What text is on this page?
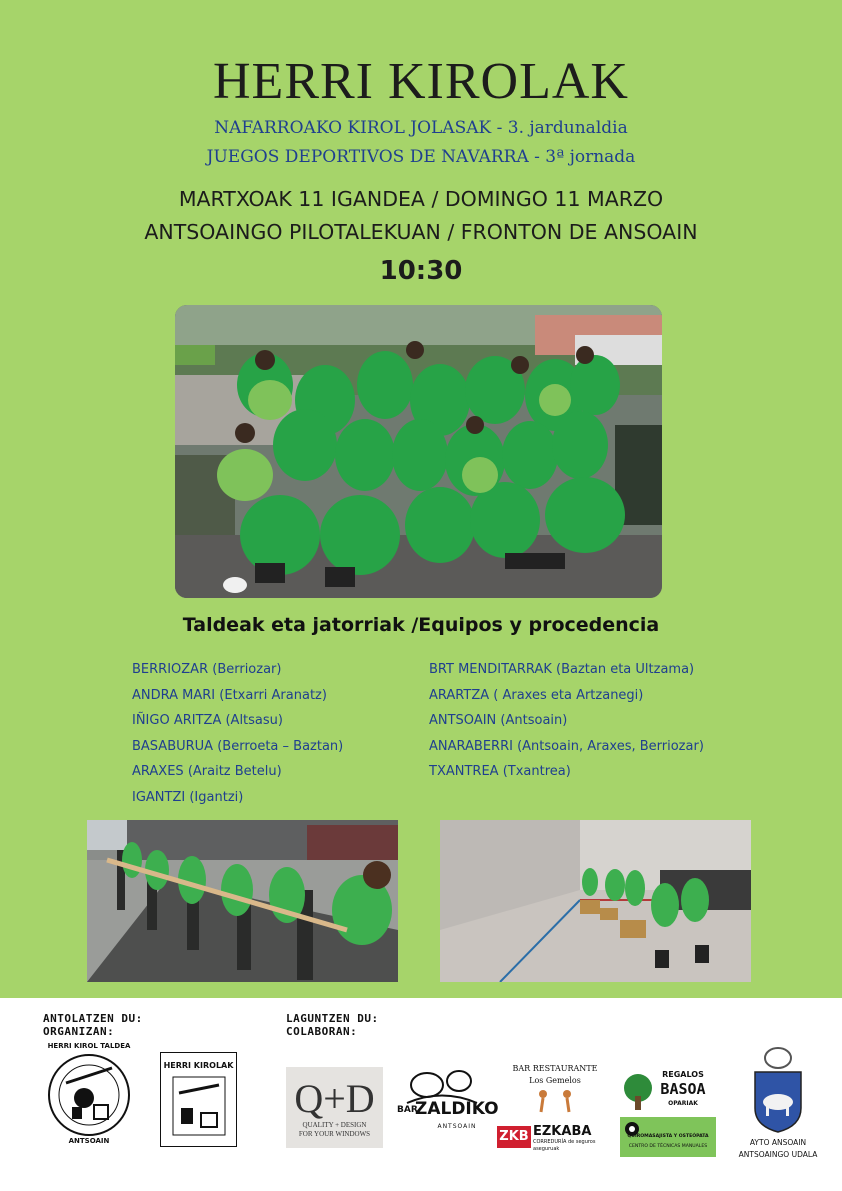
HERRI KIROLAK
NAFARROAKO KIROL JOLASAK - 3. jardunaldia
JUEGOS DEPORTIVOS DE NAVARRA - 3ª jornada
MARTXOAK 11 IGANDEA / DOMINGO 11 MARZO
ANTSOAINGO PILOTALEKUAN / FRONTON DE ANSOAIN
10:30
Taldeak eta jatorriak /Equipos y procedencia
BERRIOZAR (Berriozar)
ANDRA MARI (Etxarri Aranatz)
IÑIGO ARITZA (Altsasu)
BASABURUA (Berroeta – Baztan)
ARAXES (Araitz Betelu)
IGANTZI (Igantzi)
BRT MENDITARRAK (Baztan eta Ultzama)
ARARTZA ( Araxes eta Artzanegi)
ANTSOAIN (Antsoain)
ANARABERRI (Antsoain, Araxes, Berriozar)
TXANTREA (Txantrea)
ANTOLATZEN DU:
ORGANIZAN:
LAGUNTZEN DU:
COLABORAN:
HERRI KIROL TALDEA
ANTSOAIN
HERRI KIROLAK
Q+D
QUALITY + DESIGN
FOR YOUR WINDOWS
BAR
ZALDIKO
ANTSOAIN
BAR RESTAURANTE
Los Gemelos
ZKB EZKABA
CORREDURÍA de seguros
aseguruak
REGALOS
BASOA
OPARIAK
QUIROMASAJISTA Y OSTEÓPATA
CENTRO DE TÉCNICAS MANUALES	AYTO ANSOAIN
ANTSOAINGO UDALA
